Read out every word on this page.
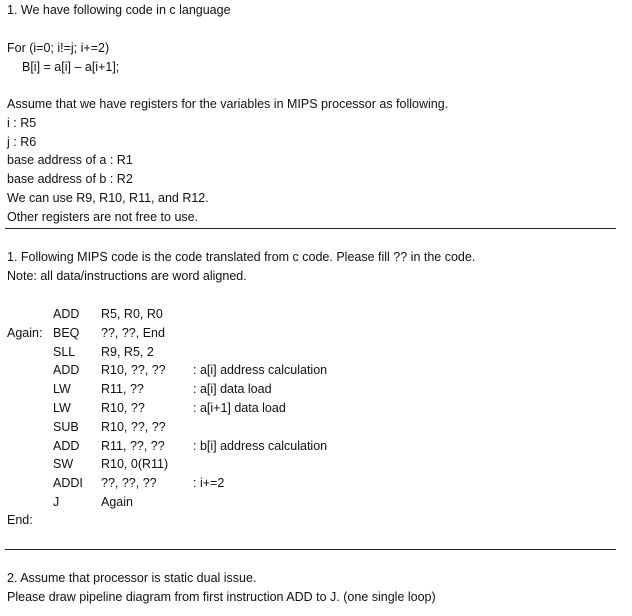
1. We have following code in c language
For (i=0; i!=j; i+=2)
B[i] = a[i] – a[i+1];
Assume that we have registers for the variables in MIPS processor as following.
i : R5
j : R6
base address of a : R1
base address of b : R2
We can use R9, R10, R11, and R12.
Other registers are not free to use.
1. Following MIPS code is the code translated from c code. Please fill ?? in the code.
Note: all data/instructions are word aligned.
ADD R5, R0, R0
Again: BEQ ??, ??, End
SLL R9, R5, 2
ADD R10, ??, ?? : a[i] address calculation
LW R11, ??	: a[i] data load
LW R10, ??	: a[i+1] data load
SUB R10, ??, ??
ADD R11, ??, ?? : b[i] address calculation
SW R10, 0(R11)
ADDI ??, ??, ??	: i+=2
J	Again
End:
2. Assume that processor is static dual issue.
Please draw pipeline diagram from first instruction ADD to J. (one single loop)
